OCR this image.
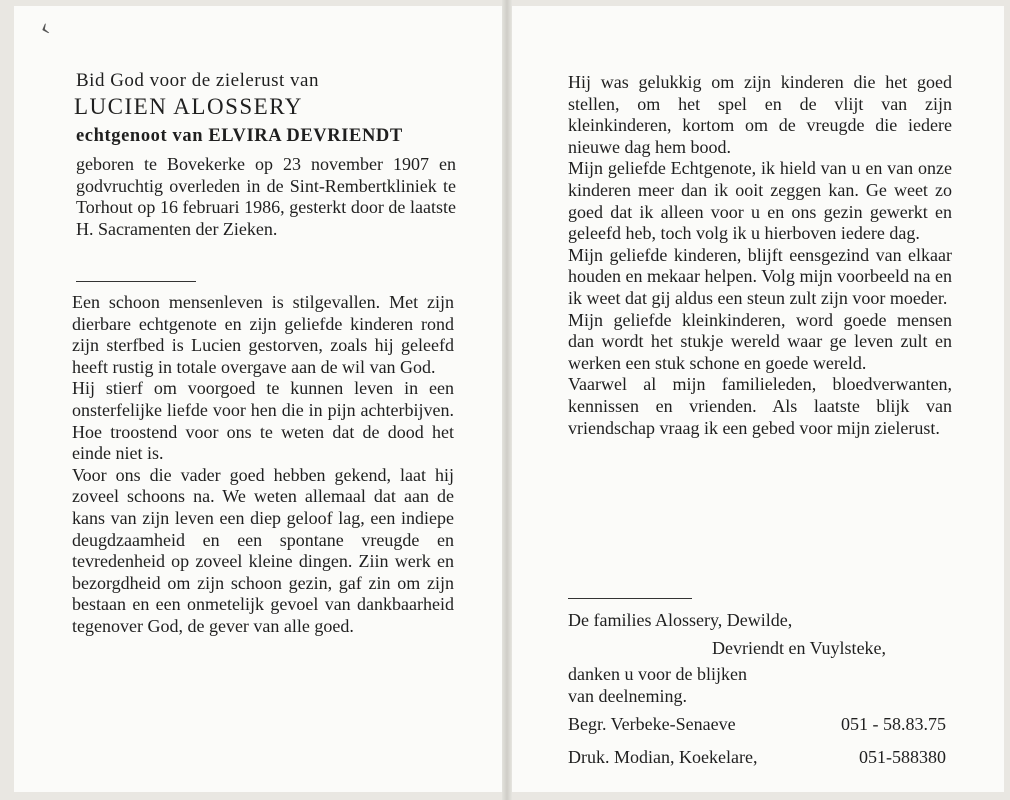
‹
Bid God voor de zielerust van
LUCIEN ALOSSERY
echtgenoot van ELVIRA DEVRIENDT
geboren te Bovekerke op 23 november 1907 en godvruchtig overleden in de Sint-Rembertkliniek te Torhout op 16 februari 1986, gesterkt door de laatste H. Sacramenten der Zieken.

Een schoon mensenleven is stilgevallen. Met zijn dierbare echtgenote en zijn geliefde kinderen rond zijn sterfbed is Lucien gestorven, zoals hij geleefd heeft rustig in totale overgave aan de wil van God.

Hij stierf om voorgoed te kunnen leven in een onsterfelijke liefde voor hen die in pijn achterbijven. Hoe troostend voor ons te weten dat de dood het einde niet is.

Voor ons die vader goed hebben gekend, laat hij zoveel schoons na. We weten allemaal dat aan de kans van zijn leven een diep geloof lag, een indiepe deugdzaamheid en een spontane vreugde en tevredenheid op zoveel kleine dingen. Ziin werk en bezorgdheid om zijn schoon gezin, gaf zin om zijn bestaan en een onmetelijk gevoel van dankbaarheid tegenover God, de gever van alle goed.

Hij was gelukkig om zijn kinderen die het goed stellen, om het spel en de vlijt van zijn kleinkinderen, kortom om de vreugde die iedere nieuwe dag hem bood.

Mijn geliefde Echtgenote, ik hield van u en van onze kinderen meer dan ik ooit zeggen kan. Ge weet zo goed dat ik alleen voor u en ons gezin gewerkt en geleefd heb, toch volg ik u hierboven iedere dag.

Mijn geliefde kinderen, blijft eensgezind van elkaar houden en mekaar helpen. Volg mijn voorbeeld na en ik weet dat gij aldus een steun zult zijn voor moeder.

Mijn geliefde kleinkinderen, word goede mensen dan wordt het stukje wereld waar ge leven zult en werken een stuk schone en goede wereld.

Vaarwel al mijn familieleden, bloedverwanten, kennissen en vrienden. Als laatste blijk van vriendschap vraag ik een gebed voor mijn zielerust.

De families Alossery, Dewilde,
Devriendt en Vuylsteke,
danken u voor de blijken
van deelneming.
Begr. Verbeke-Senaeve	051 - 58.83.75
Druk. Modian, Koekelare,	051-588380
